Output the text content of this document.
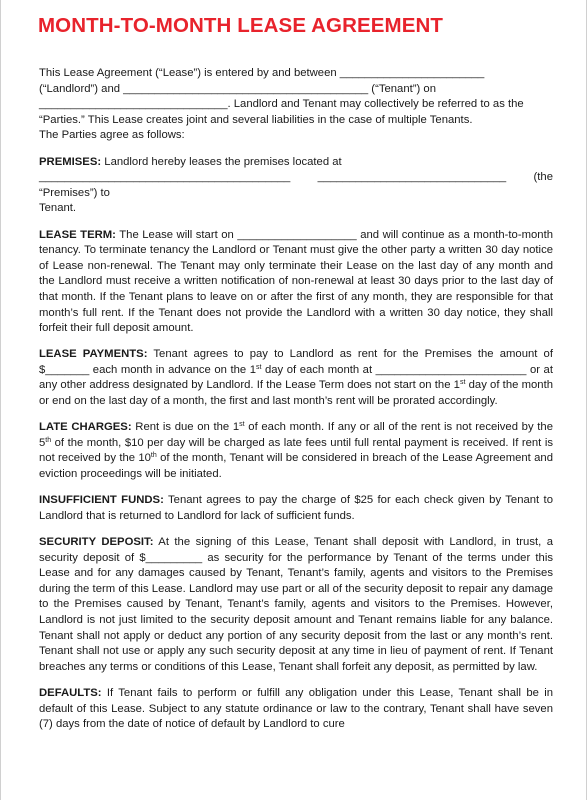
MONTH-TO-MONTH LEASE AGREEMENT

This Lease Agreement (“Lease”) is entered by and between _______________________
(“Landlord”) and _______________________________________ (“Tenant”) on
______________________________. Landlord and Tenant may collectively be referred to as the
“Parties.” This Lease creates joint and several liabilities in the case of multiple Tenants.
The Parties agree as follows:

PREMISES: Landlord hereby leases the premises located at
________________________________________ ______________________________ (the “Premises”) to
Tenant.

LEASE TERM: The Lease will start on ___________________ and will continue as a month-to-month tenancy. To terminate tenancy the Landlord or Tenant must give the other party a written 30 day notice of Lease non-renewal. The Tenant may only terminate their Lease on the last day of any month and the Landlord must receive a written notification of non-renewal at least 30 days prior to the last day of that month. If the Tenant plans to leave on or after the first of any month, they are responsible for that month’s full rent. If the Tenant does not provide the Landlord with a written 30 day notice, they shall forfeit their full deposit amount.

LEASE PAYMENTS: Tenant agrees to pay to Landlord as rent for the Premises the amount of $_______ each month in advance on the 1st day of each month at ________________________ or at any other address designated by Landlord. If the Lease Term does not start on the 1st day of the month or end on the last day of a month, the first and last month’s rent will be prorated accordingly.

LATE CHARGES: Rent is due on the 1st of each month. If any or all of the rent is not received by the 5th of the month, $10 per day will be charged as late fees until full rental payment is received. If rent is not received by the 10th of the month, Tenant will be considered in breach of the Lease Agreement and eviction proceedings will be initiated.

INSUFFICIENT FUNDS: Tenant agrees to pay the charge of $25 for each check given by Tenant to Landlord that is returned to Landlord for lack of sufficient funds.

SECURITY DEPOSIT: At the signing of this Lease, Tenant shall deposit with Landlord, in trust, a security deposit of $_________ as security for the performance by Tenant of the terms under this Lease and for any damages caused by Tenant, Tenant’s family, agents and visitors to the Premises during the term of this Lease. Landlord may use part or all of the security deposit to repair any damage to the Premises caused by Tenant, Tenant’s family, agents and visitors to the Premises. However, Landlord is not just limited to the security deposit amount and Tenant remains liable for any balance. Tenant shall not apply or deduct any portion of any security deposit from the last or any month’s rent. Tenant shall not use or apply any such security deposit at any time in lieu of payment of rent. If Tenant breaches any terms or conditions of this Lease, Tenant shall forfeit any deposit, as permitted by law.

DEFAULTS: If Tenant fails to perform or fulfill any obligation under this Lease, Tenant shall be in default of this Lease. Subject to any statute ordinance or law to the contrary, Tenant shall have seven (7) days from the date of notice of default by Landlord to cure
